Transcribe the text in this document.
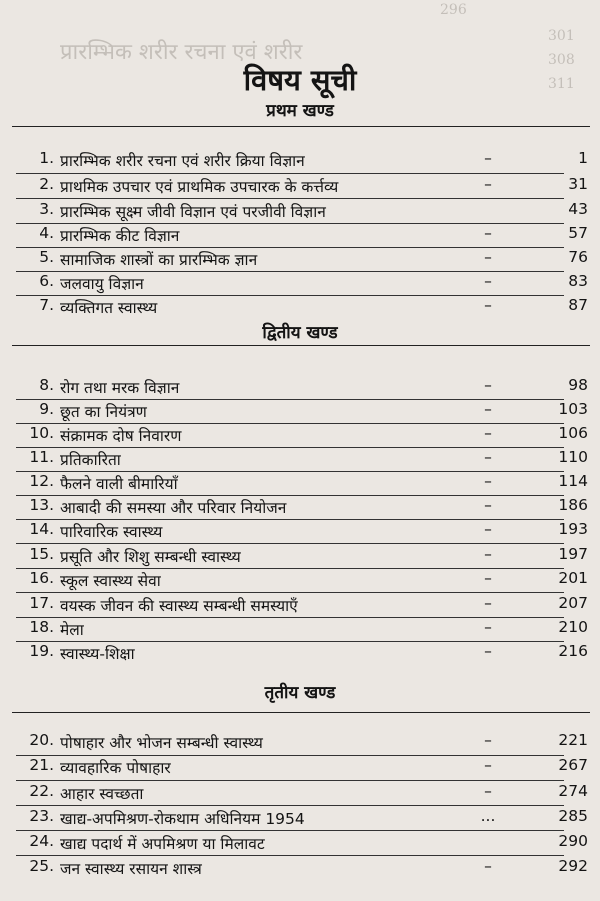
296
301
308
311
प्रारम्भिक शरीर रचना एवं शरीर
विषय सूची
प्रथम खण्ड
1. प्रारम्भिक शरीर रचना एवं शरीर क्रिया विज्ञान	–	1
2. प्राथमिक उपचार एवं प्राथमिक उपचारक के कर्त्तव्य	–	31
3. प्रारम्भिक सूक्ष्म जीवी विज्ञान एवं परजीवी विज्ञान	43
4. प्रारम्भिक कीट विज्ञान	–	57
5. सामाजिक शास्त्रों का प्रारम्भिक ज्ञान	–	76
6. जलवायु विज्ञान	–	83
7. व्यक्तिगत स्वास्थ्य	–	87
द्वितीय खण्ड
8. रोग तथा मरक विज्ञान	–	98
9. छूत का नियंत्रण	–	103
10. संक्रामक दोष निवारण	–	106
11. प्रतिकारिता	–	110
12. फैलने वाली बीमारियाँ	–	114
13. आबादी की समस्या और परिवार नियोजन	–	186
14. पारिवारिक स्वास्थ्य	–	193
15. प्रसूति और शिशु सम्बन्धी स्वास्थ्य	–	197
16. स्कूल स्वास्थ्य सेवा	–	201
17. वयस्क जीवन की स्वास्थ्य सम्बन्धी समस्याएँ	–	207
18. मेला	–	210
19. स्वास्थ्य-शिक्षा	–	216
तृतीय खण्ड
20. पोषाहार और भोजन सम्बन्धी स्वास्थ्य	–	221
21. व्यावहारिक पोषाहार	–	267
22. आहार स्वच्छता	–	274
23. खाद्य-अपमिश्रण-रोकथाम अधिनियम 1954	...	285
24. खाद्य पदार्थ में अपमिश्रण या मिलावट	290
25. जन स्वास्थ्य रसायन शास्त्र	–	292
